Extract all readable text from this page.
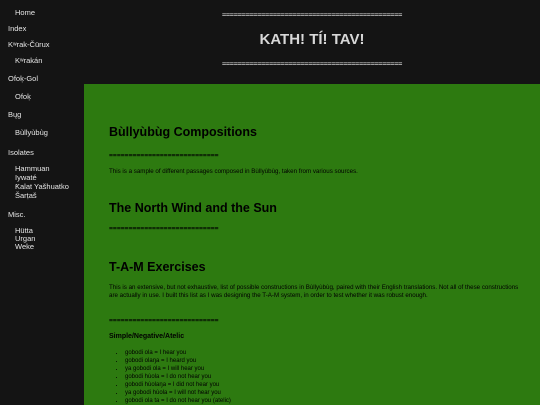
Home
Index
Kʷrak-Čürux
Kʷrakán
Ofoķ-Gol
Ofoķ
Bųg
Bùllyùbùg
Isolates
Hammuan
Iywaté
Ƙalat Yašhuatko
Šarṭaš
Misc.
Hütta
Urgan
Weke
==============================================
KATH! TÍ! TAV!
==============================================
Bùllyùbùg Compositions
============================

This is a sample of different passages composed in Bùllyùbùg, taken from various sources.

The North Wind and the Sun
============================
T-A-M Exercises

This is an extensive, but not exhaustive, list of possible constructions in Bùllyùbùg, paired with their English translations. Not all of these constructions are actually in use. I built this list as I was designing the T-A-M system, in order to test whether it was robust enough.

============================
Simple/Negative/Atelic
• gobodi ola = I hear you
• gobodi olaŋa = I heard you
• ya gobodi ola = I will hear you
• gobodi hùola = I do not hear you
• gobodi hùolaŋa = I did not hear you
• ya gobodi hùola = I will not hear you
• gobodi ola ta = I do not hear you (atelic)
